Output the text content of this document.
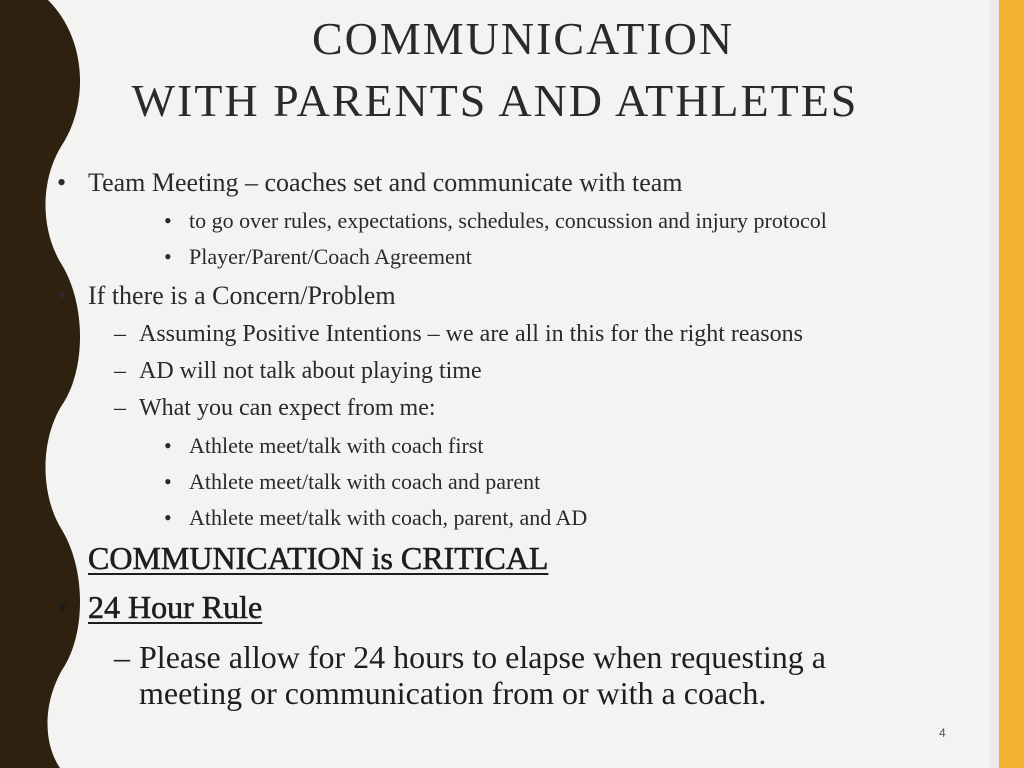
COMMUNICATION
WITH PARENTS AND ATHLETES
• Team Meeting – coaches set and communicate with team
• to go over rules, expectations, schedules, concussion and injury protocol
• Player/Parent/Coach Agreement
• If there is a Concern/Problem
– Assuming Positive Intentions – we are all in this for the right reasons
– AD will not talk about playing time
– What you can expect from me:
• Athlete meet/talk with coach first
• Athlete meet/talk with coach and parent
• Athlete meet/talk with coach, parent, and AD
COMMUNICATION is CRITICAL
• 24 Hour Rule
– Please allow for 24 hours to elapse when requesting a
meeting or communication from or with a coach.
4
